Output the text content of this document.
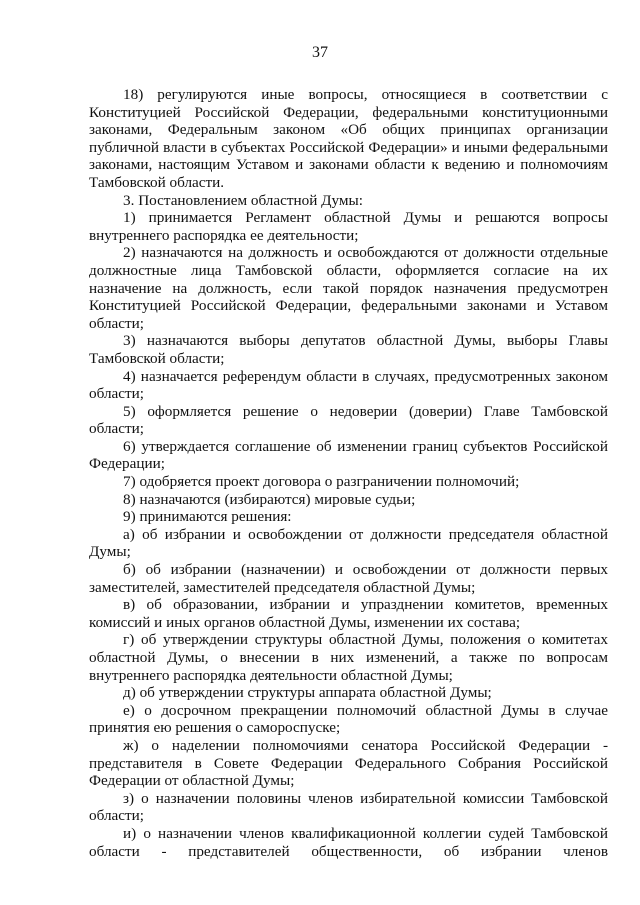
37

18) регулируются иные вопросы, относящиеся в соответствии с Конституцией Российской Федерации, федеральными конституционными законами, Федеральным законом «Об общих принципах организации публичной власти в субъектах Российской Федерации» и иными федеральными законами, настоящим Уставом и законами области к ведению и полномочиям Тамбовской области.

3. Постановлением областной Думы:

1) принимается Регламент областной Думы и решаются вопросы внутреннего распорядка ее деятельности;

2) назначаются на должность и освобождаются от должности отдельные должностные лица Тамбовской области, оформляется согласие на их назначение на должность, если такой порядок назначения предусмотрен Конституцией Российской Федерации, федеральными законами и Уставом области;

3) назначаются выборы депутатов областной Думы, выборы Главы Тамбовской области;

4) назначается референдум области в случаях, предусмотренных законом области;

5) оформляется решение о недоверии (доверии) Главе Тамбовской области;

6) утверждается соглашение об изменении границ субъектов Российской Федерации;

7) одобряется проект договора о разграничении полномочий;

8) назначаются (избираются) мировые судьи;

9) принимаются решения:

а) об избрании и освобождении от должности председателя областной Думы;

б) об избрании (назначении) и освобождении от должности первых заместителей, заместителей председателя областной Думы;

в) об образовании, избрании и упразднении комитетов, временных комиссий и иных органов областной Думы, изменении их состава;

г) об утверждении структуры областной Думы, положения о комитетах областной Думы, о внесении в них изменений, а также по вопросам внутреннего распорядка деятельности областной Думы;

д) об утверждении структуры аппарата областной Думы;

е) о досрочном прекращении полномочий областной Думы в случае принятия ею решения о самороспуске;

ж) о наделении полномочиями сенатора Российской Федерации - представителя в Совете Федерации Федерального Собрания Российской Федерации от областной Думы;

з) о назначении половины членов избирательной комиссии Тамбовской области;

и) о назначении членов квалификационной коллегии судей Тамбовской области - представителей общественности, об избрании членов
